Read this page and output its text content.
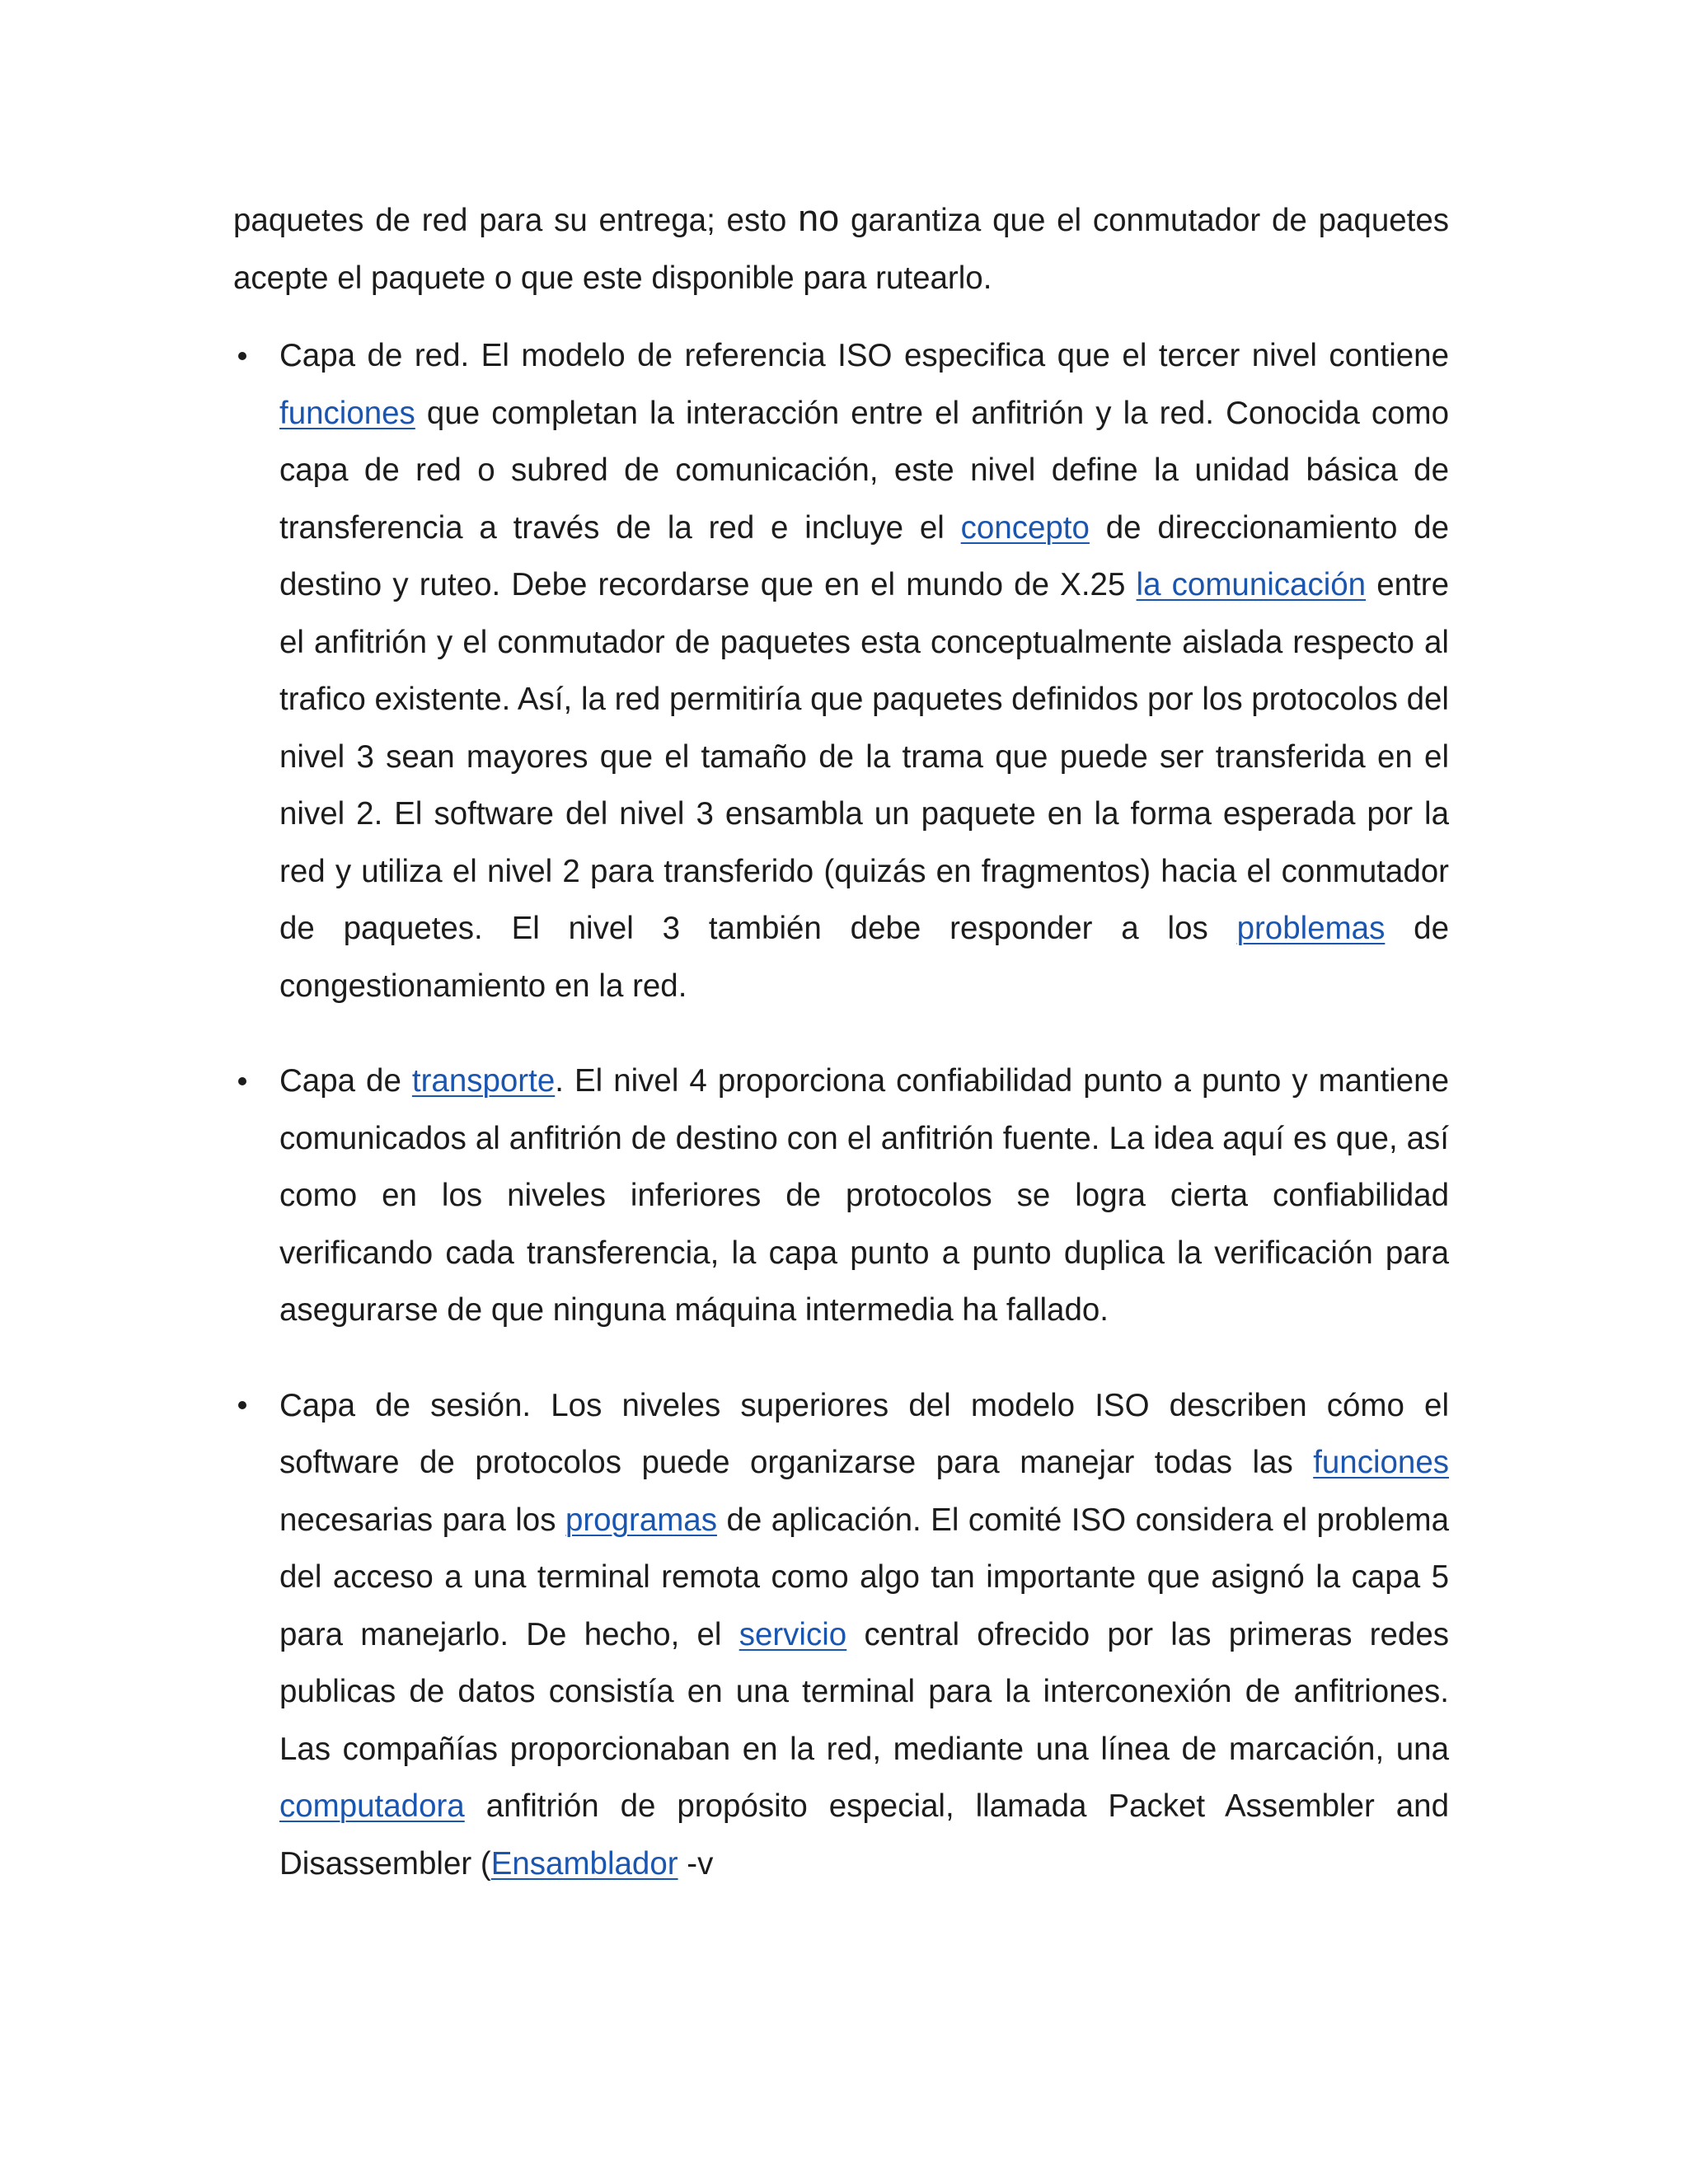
paquetes de red para su entrega; esto no garantiza que el conmutador de paquetes acepte el paquete o que este disponible para rutearlo.

Capa de red. El modelo de referencia ISO especifica que el tercer nivel contiene funciones que completan la interacción entre el anfitrión y la red. Conocida como capa de red o subred de comunicación, este nivel define la unidad básica de transferencia a través de la red e incluye el concepto de direccionamiento de destino y ruteo. Debe recordarse que en el mundo de X.25 la comunicación entre el anfitrión y el conmutador de paquetes esta conceptualmente aislada respecto al trafico existente. Así, la red permitiría que paquetes definidos por los protocolos del nivel 3 sean mayores que el tamaño de la trama que puede ser transferida en el nivel 2. El software del nivel 3 ensambla un paquete en la forma esperada por la red y utiliza el nivel 2 para transferido (quizás en fragmentos) hacia el conmutador de paquetes. El nivel 3 también debe responder a los problemas de congestionamiento en la red.

Capa de transporte. El nivel 4 proporciona confiabilidad punto a punto y mantiene comunicados al anfitrión de destino con el anfitrión fuente. La idea aquí es que, así como en los niveles inferiores de protocolos se logra cierta confiabilidad verificando cada transferencia, la capa punto a punto duplica la verificación para asegurarse de que ninguna máquina intermedia ha fallado.

Capa de sesión. Los niveles superiores del modelo ISO describen cómo el software de protocolos puede organizarse para manejar todas las funciones necesarias para los programas de aplicación. El comité ISO considera el problema del acceso a una terminal remota como algo tan importante que asignó la capa 5 para manejarlo. De hecho, el servicio central ofrecido por las primeras redes publicas de datos consistía en una terminal para la interconexión de anfitriones. Las compañías proporcionaban en la red, mediante una línea de marcación, una computadora anfitrión de propósito especial, llamada Packet Assembler and Disassembler (Ensamblador -v
